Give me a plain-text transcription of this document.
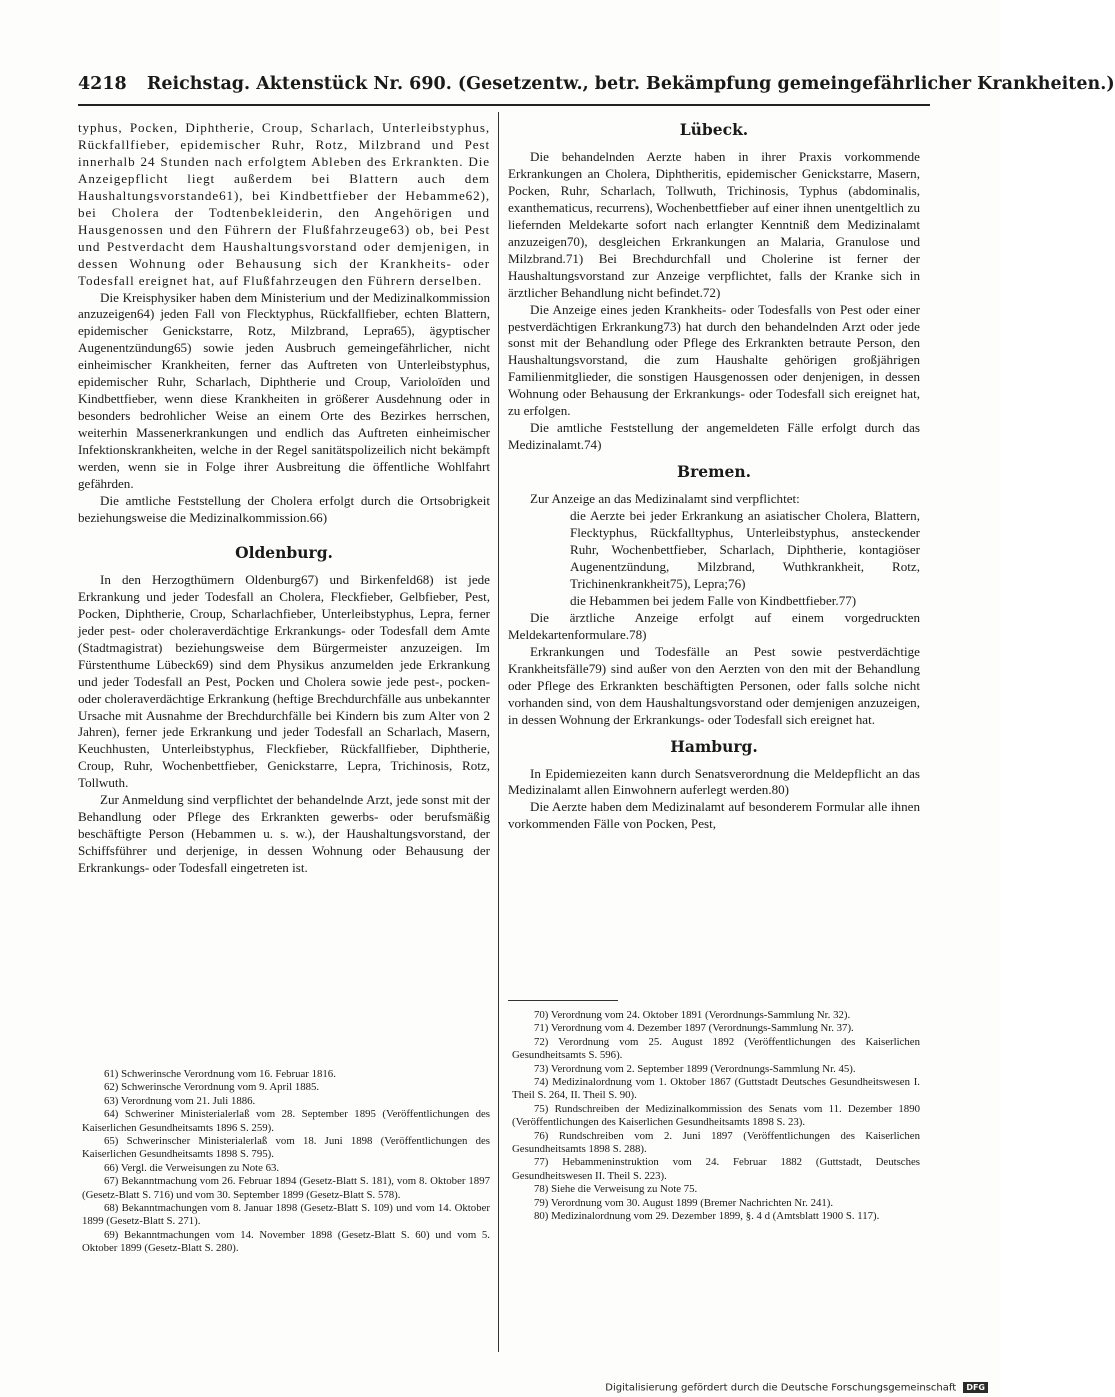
4218 Reichstag. Aktenstück Nr. 690. (Gesetzentw., betr. Bekämpfung gemeingefährlicher Krankheiten.)

typhus, Pocken, Diphtherie, Croup, Scharlach, Unterleibstyphus, Rückfallfieber, epidemischer Ruhr, Rotz, Milzbrand und Pest innerhalb 24 Stunden nach erfolgtem Ableben des Erkrankten. Die Anzeigepflicht liegt außerdem bei Blattern auch dem Haushaltungsvorstande61), bei Kindbettfieber der Hebamme62), bei Cholera der Todtenbekleiderin, den Angehörigen und Hausgenossen und den Führern der Flußfahrzeuge63) ob, bei Pest und Pestverdacht dem Haushaltungsvorstand oder demjenigen, in dessen Wohnung oder Behausung sich der Krankheits- oder Todesfall ereignet hat, auf Flußfahrzeugen den Führern derselben.

Die Kreisphysiker haben dem Ministerium und der Medizinalkommission anzuzeigen64) jeden Fall von Flecktyphus, Rückfallfieber, echten Blattern, epidemischer Genickstarre, Rotz, Milzbrand, Lepra65), ägyptischer Augenentzündung65) sowie jeden Ausbruch gemeingefährlicher, nicht einheimischer Krankheiten, ferner das Auftreten von Unterleibstyphus, epidemischer Ruhr, Scharlach, Diphtherie und Croup, Varioloïden und Kindbettfieber, wenn diese Krankheiten in größerer Ausdehnung oder in besonders bedrohlicher Weise an einem Orte des Bezirkes herrschen, weiterhin Massenerkrankungen und endlich das Auftreten einheimischer Infektionskrankheiten, welche in der Regel sanitätspolizeilich nicht bekämpft werden, wenn sie in Folge ihrer Ausbreitung die öffentliche Wohlfahrt gefährden.

Die amtliche Feststellung der Cholera erfolgt durch die Ortsobrigkeit beziehungsweise die Medizinalkommission.66)

Oldenburg.

In den Herzogthümern Oldenburg67) und Birkenfeld68) ist jede Erkrankung und jeder Todesfall an Cholera, Fleckfieber, Gelbfieber, Pest, Pocken, Diphtherie, Croup, Scharlachfieber, Unterleibstyphus, Lepra, ferner jeder pest- oder choleraverdächtige Erkrankungs- oder Todesfall dem Amte (Stadtmagistrat) beziehungsweise dem Bürgermeister anzuzeigen. Im Fürstenthume Lübeck69) sind dem Physikus anzumelden jede Erkrankung und jeder Todesfall an Pest, Pocken und Cholera sowie jede pest-, pocken- oder choleraverdächtige Erkrankung (heftige Brechdurchfälle aus unbekannter Ursache mit Ausnahme der Brechdurchfälle bei Kindern bis zum Alter von 2 Jahren), ferner jede Erkrankung und jeder Todesfall an Scharlach, Masern, Keuchhusten, Unterleibstyphus, Fleckfieber, Rückfallfieber, Diphtherie, Croup, Ruhr, Wochenbettfieber, Genickstarre, Lepra, Trichinosis, Rotz, Tollwuth.

Zur Anmeldung sind verpflichtet der behandelnde Arzt, jede sonst mit der Behandlung oder Pflege des Erkrankten gewerbs- oder berufsmäßig beschäftigte Person (Hebammen u. s. w.), der Haushaltungsvorstand, der Schiffsführer und derjenige, in dessen Wohnung oder Behausung der Erkrankungs- oder Todesfall eingetreten ist.

61) Schwerinsche Verordnung vom 16. Februar 1816.

62) Schwerinsche Verordnung vom 9. April 1885.

63) Verordnung vom 21. Juli 1886.

64) Schweriner Ministerialerlaß vom 28. September 1895 (Veröffentlichungen des Kaiserlichen Gesundheitsamts 1896 S. 259).

65) Schwerinscher Ministerialerlaß vom 18. Juni 1898 (Veröffentlichungen des Kaiserlichen Gesundheitsamts 1898 S. 795).

66) Vergl. die Verweisungen zu Note 63.

67) Bekanntmachung vom 26. Februar 1894 (Gesetz-Blatt S. 181), vom 8. Oktober 1897 (Gesetz-Blatt S. 716) und vom 30. September 1899 (Gesetz-Blatt S. 578).

68) Bekanntmachungen vom 8. Januar 1898 (Gesetz-Blatt S. 109) und vom 14. Oktober 1899 (Gesetz-Blatt S. 271).

69) Bekanntmachungen vom 14. November 1898 (Gesetz-Blatt S. 60) und vom 5. Oktober 1899 (Gesetz-Blatt S. 280).

Lübeck.

Die behandelnden Aerzte haben in ihrer Praxis vorkommende Erkrankungen an Cholera, Diphtheritis, epidemischer Genickstarre, Masern, Pocken, Ruhr, Scharlach, Tollwuth, Trichinosis, Typhus (abdominalis, exanthematicus, recurrens), Wochenbettfieber auf einer ihnen unentgeltlich zu liefernden Meldekarte sofort nach erlangter Kenntniß dem Medizinalamt anzuzeigen70), desgleichen Erkrankungen an Malaria, Granulose und Milzbrand.71) Bei Brechdurchfall und Cholerine ist ferner der Haushaltungsvorstand zur Anzeige verpflichtet, falls der Kranke sich in ärztlicher Behandlung nicht befindet.72)

Die Anzeige eines jeden Krankheits- oder Todesfalls von Pest oder einer pestverdächtigen Erkrankung73) hat durch den behandelnden Arzt oder jede sonst mit der Behandlung oder Pflege des Erkrankten betraute Person, den Haushaltungsvorstand, die zum Haushalte gehörigen großjährigen Familienmitglieder, die sonstigen Hausgenossen oder denjenigen, in dessen Wohnung oder Behausung der Erkrankungs- oder Todesfall sich ereignet hat, zu erfolgen.

Die amtliche Feststellung der angemeldeten Fälle erfolgt durch das Medizinalamt.74)

Bremen.

Zur Anzeige an das Medizinalamt sind verpflichtet:

die Aerzte bei jeder Erkrankung an asiatischer Cholera, Blattern, Flecktyphus, Rückfalltyphus, Unterleibstyphus, ansteckender Ruhr, Wochenbettfieber, Scharlach, Diphtherie, kontagiöser Augenentzündung, Milzbrand, Wuthkrankheit, Rotz, Trichinenkrankheit75), Lepra;76)

die Hebammen bei jedem Falle von Kindbettfieber.77)

Die ärztliche Anzeige erfolgt auf einem vorgedruckten Meldekartenformulare.78)

Erkrankungen und Todesfälle an Pest sowie pestverdächtige Krankheitsfälle79) sind außer von den Aerzten von den mit der Behandlung oder Pflege des Erkrankten beschäftigten Personen, oder falls solche nicht vorhanden sind, von dem Haushaltungsvorstand oder demjenigen anzuzeigen, in dessen Wohnung der Erkrankungs- oder Todesfall sich ereignet hat.

Hamburg.

In Epidemiezeiten kann durch Senatsverordnung die Meldepflicht an das Medizinalamt allen Einwohnern auferlegt werden.80)

Die Aerzte haben dem Medizinalamt auf besonderem Formular alle ihnen vorkommenden Fälle von Pocken, Pest,

70) Verordnung vom 24. Oktober 1891 (Verordnungs-Sammlung Nr. 32).

71) Verordnung vom 4. Dezember 1897 (Verordnungs-Sammlung Nr. 37).

72) Verordnung vom 25. August 1892 (Veröffentlichungen des Kaiserlichen Gesundheitsamts S. 596).

73) Verordnung vom 2. September 1899 (Verordnungs-Sammlung Nr. 45).

74) Medizinalordnung vom 1. Oktober 1867 (Guttstadt Deutsches Gesundheitswesen I. Theil S. 264, II. Theil S. 90).

75) Rundschreiben der Medizinalkommission des Senats vom 11. Dezember 1890 (Veröffentlichungen des Kaiserlichen Gesundheitsamts 1898 S. 23).

76) Rundschreiben vom 2. Juni 1897 (Veröffentlichungen des Kaiserlichen Gesundheitsamts 1898 S. 288).

77) Hebammeninstruktion vom 24. Februar 1882 (Guttstadt, Deutsches Gesundheitswesen II. Theil S. 223).

78) Siehe die Verweisung zu Note 75.

79) Verordnung vom 30. August 1899 (Bremer Nachrichten Nr. 241).

80) Medizinalordnung vom 29. Dezember 1899, §. 4 d (Amtsblatt 1900 S. 117).

Digitalisierung gefördert durch die Deutsche Forschungsgemeinschaft DFG
